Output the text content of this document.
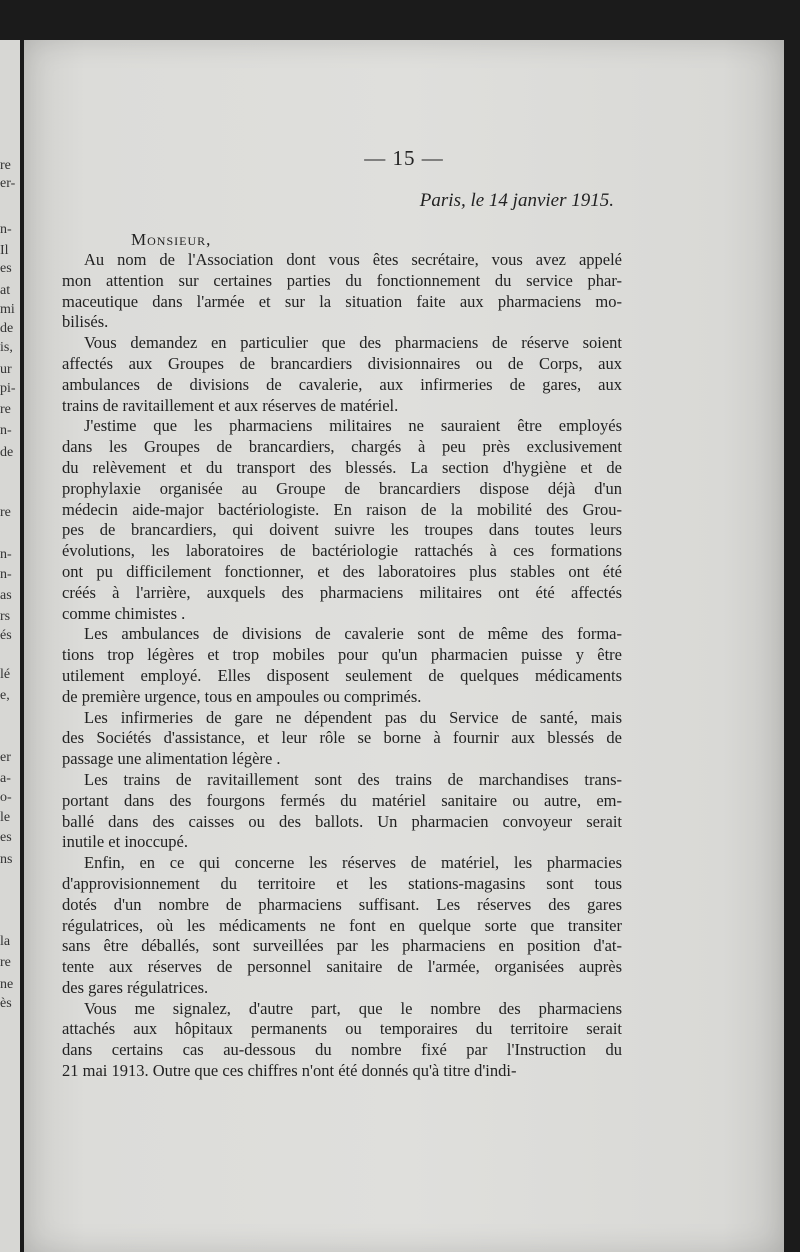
re
er-
n-
Il
es
at
mi
de
is,
ur
pi-
re
n-
de
re
n-
n-
as
rs
és
lé
e,
er
a-
o-
le
es
ns
la
re
ne
ès
— 15 —
Paris, le 14 janvier 1915.
Monsieur,
Au nom de l'Association dont vous êtes secrétaire, vous avez appelé
mon attention sur certaines parties du fonctionnement du service phar-
maceutique dans l'armée et sur la situation faite aux pharmaciens mo-
bilisés.
Vous demandez en particulier que des pharmaciens de réserve soient
affectés aux Groupes de brancardiers divisionnaires ou de Corps, aux
ambulances de divisions de cavalerie, aux infirmeries de gares, aux
trains de ravitaillement et aux réserves de matériel.
J'estime que les pharmaciens militaires ne sauraient être employés
dans les Groupes de brancardiers, chargés à peu près exclusivement
du relèvement et du transport des blessés. La section d'hygiène et de
prophylaxie organisée au Groupe de brancardiers dispose déjà d'un
médecin aide-major bactériologiste. En raison de la mobilité des Grou-
pes de brancardiers, qui doivent suivre les troupes dans toutes leurs
évolutions, les laboratoires de bactériologie rattachés à ces formations
ont pu difficilement fonctionner, et des laboratoires plus stables ont été
créés à l'arrière, auxquels des pharmaciens militaires ont été affectés
comme chimistes .
Les ambulances de divisions de cavalerie sont de même des forma-
tions trop légères et trop mobiles pour qu'un pharmacien puisse y être
utilement employé. Elles disposent seulement de quelques médicaments
de première urgence, tous en ampoules ou comprimés.
Les infirmeries de gare ne dépendent pas du Service de santé, mais
des Sociétés d'assistance, et leur rôle se borne à fournir aux blessés de
passage une alimentation légère .
Les trains de ravitaillement sont des trains de marchandises trans-
portant dans des fourgons fermés du matériel sanitaire ou autre, em-
ballé dans des caisses ou des ballots. Un pharmacien convoyeur serait
inutile et inoccupé.
Enfin, en ce qui concerne les réserves de matériel, les pharmacies
d'approvisionnement du territoire et les stations-magasins sont tous
dotés d'un nombre de pharmaciens suffisant. Les réserves des gares
régulatrices, où les médicaments ne font en quelque sorte que transiter
sans être déballés, sont surveillées par les pharmaciens en position d'at-
tente aux réserves de personnel sanitaire de l'armée, organisées auprès
des gares régulatrices.
Vous me signalez, d'autre part, que le nombre des pharmaciens
attachés aux hôpitaux permanents ou temporaires du territoire serait
dans certains cas au-dessous du nombre fixé par l'Instruction du
21 mai 1913. Outre que ces chiffres n'ont été donnés qu'à titre d'indi-
